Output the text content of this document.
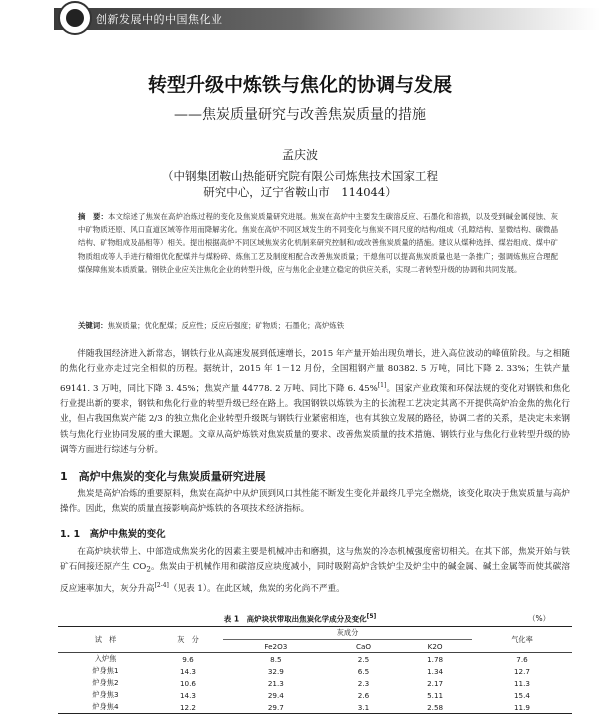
创新发展中的中国焦化业
转型升级中炼铁与焦化的协调与发展
——焦炭质量研究与改善焦炭质量的措施
孟庆波
（中钢集团鞍山热能研究院有限公司炼焦技术国家工程
研究中心，辽宁省鞍山市　114044）
摘　要：本文综述了焦炭在高炉冶炼过程的变化及焦炭质量研究进展。焦炭在高炉中主要发生碳溶反应、石墨化和溶损，以及受到碱金属侵蚀、灰中矿物质还原、风口直道区域等作用而降解劣化。焦炭在高炉不同区域发生的不同变化与焦炭不同尺度的结构/组成（孔隙结构、显微结构、碳微晶结构、矿物组成及晶相等）相关。提出根据高炉不同区域焦炭劣化机制来研究控制和/或改善焦炭质量的措施。建议从煤种选择、煤岩组成、煤中矿物质组成等人手进行精细优化配煤并与煤粉碎、炼焦工艺及制度相配合改善焦炭质量；干熄焦可以提高焦炭质量也是一条推广；强调炼焦应合理配煤保障焦炭本质质量。钢铁企业应关注焦化企业的转型升级，应与焦化企业建立稳定的供应关系，实现二者转型升级的协调和共同发展。
关键词：焦炭质量；优化配煤；反应性；反应后强度；矿物质；石墨化；高炉炼铁
伴随我国经济进入新常态，钢铁行业从高速发展到低速增长，2015 年产量开始出现负增长，进入高位波动的峰值阶段。与之相随的焦化行业亦走过完全相似的历程。据统计，2015 年 1－12 月份，全国粗钢产量 80382. 5 万吨，同比下降 2. 33%；生铁产量 69141. 3 万吨，同比下降 3. 45%；焦炭产量 44778. 2 万吨、同比下降 6. 45%[1]。国家产业政策和环保法规的变化对钢铁和焦化行业提出新的要求，钢铁和焦化行业的转型升级已经在路上。我国钢铁以炼铁为主的长流程工艺决定其离不开提供高炉冶金焦的焦化行业，但占我国焦炭产能 2/3 的独立焦化企业转型升级既与钢铁行业紧密相连，也有其独立发展的路径，协调二者的关系，是决定未来钢铁与焦化行业协同发展的重大课题。文章从高炉炼铁对焦炭质量的要求、改善焦炭质量的技术措施、钢铁行业与焦化行业转型升级的协调等方面进行综述与分析。
1　高炉中焦炭的变化与焦炭质量研究进展
焦炭是高炉冶炼的重要原料，焦炭在高炉中从炉顶到风口其性能不断发生变化并最终几乎完全燃烧，该变化取决于焦炭质量与高炉操作。因此，焦炭的质量直接影响高炉炼铁的各项技术经济指标。
1. 1　高炉中焦炭的变化
在高炉块状带上、中部造成焦炭劣化的因素主要是机械冲击和磨损，这与焦炭的冷态机械强度密切相关。在其下部，焦炭开始与铁矿石间接还原产生 $CO_2$。焦炭由于机械作用和碳溶反应块度减小，同时吸附高炉含铁炉尘及炉尘中的碱金属、碱土金属等而使其碳溶反应速率加大，灰分升高[2-4]（见表 1）。在此区域，焦炭的劣化尚不严重。
表 1　高炉块状带取出焦炭化学成分及变化[5]	（%）
试　样	灰　分	灰成分			气化率
		Fe2O3	CaO	K2O	
入炉焦	9.6	8.5	2.5	1.78	7.6
炉身焦1	14.3	32.9	6.5	1.34	12.7
炉身焦2	10.6	21.3	2.3	2.17	11.3
炉身焦3	14.3	29.4	2.6	5.11	15.4
炉身焦4	12.2	29.7	3.1	2.58	11.9
